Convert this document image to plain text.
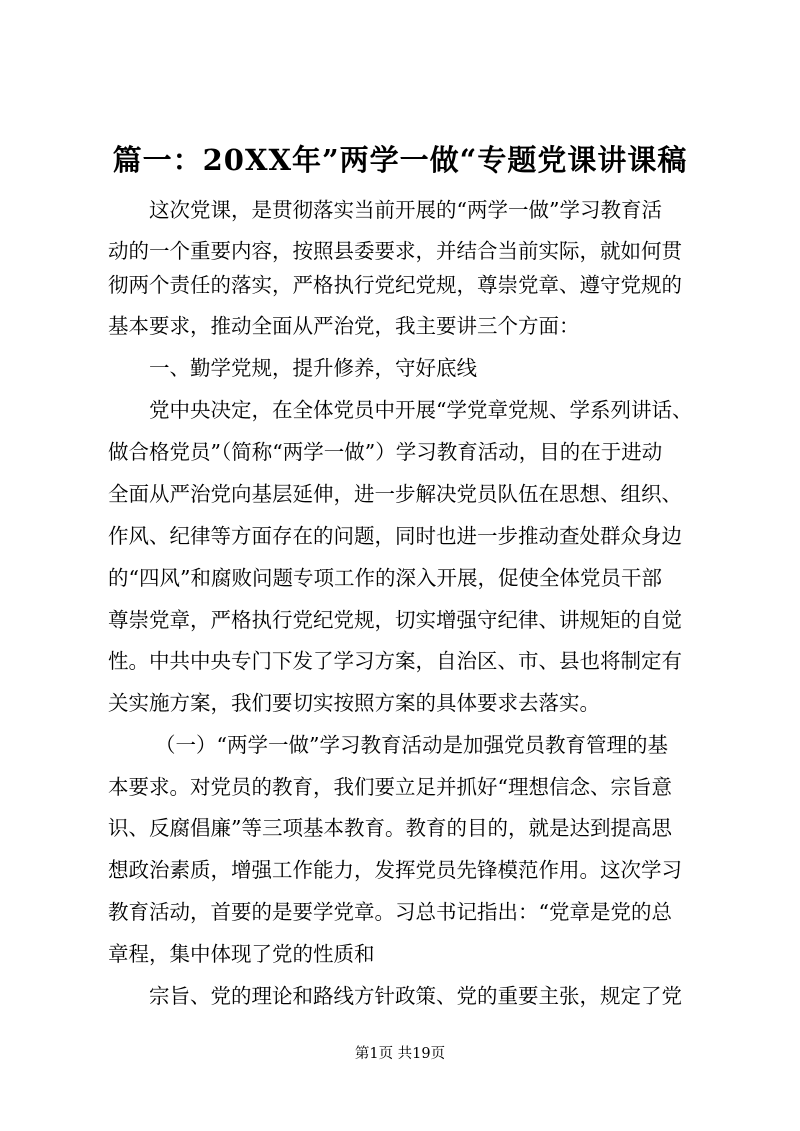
篇一：20XX年”两学一做“专题党课讲课稿
这次党课，是贯彻落实当前开展的“两学一做”学习教育活
动的一个重要内容，按照县委要求，并结合当前实际，就如何贯
彻两个责任的落实，严格执行党纪党规，尊崇党章、遵守党规的
基本要求，推动全面从严治党，我主要讲三个方面：
一、勤学党规，提升修养，守好底线
党中央决定，在全体党员中开展“学党章党规、学系列讲话、
做合格党员”（简称“两学一做”）学习教育活动，目的在于进动
全面从严治党向基层延伸，进一步解决党员队伍在思想、组织、
作风、纪律等方面存在的问题，同时也进一步推动查处群众身边
的“四风”和腐败问题专项工作的深入开展，促使全体党员干部
尊崇党章，严格执行党纪党规，切实增强守纪律、讲规矩的自觉
性。中共中央专门下发了学习方案，自治区、市、县也将制定有
关实施方案，我们要切实按照方案的具体要求去落实。
（一）“两学一做”学习教育活动是加强党员教育管理的基
本要求。对党员的教育，我们要立足并抓好“理想信念、宗旨意
识、反腐倡廉”等三项基本教育。教育的目的，就是达到提高思
想政治素质，增强工作能力，发挥党员先锋模范作用。这次学习
教育活动，首要的是要学党章。习总书记指出：“党章是党的总
章程，集中体现了党的性质和
宗旨、党的理论和路线方针政策、党的重要主张，规定了党
第1页 共19页
